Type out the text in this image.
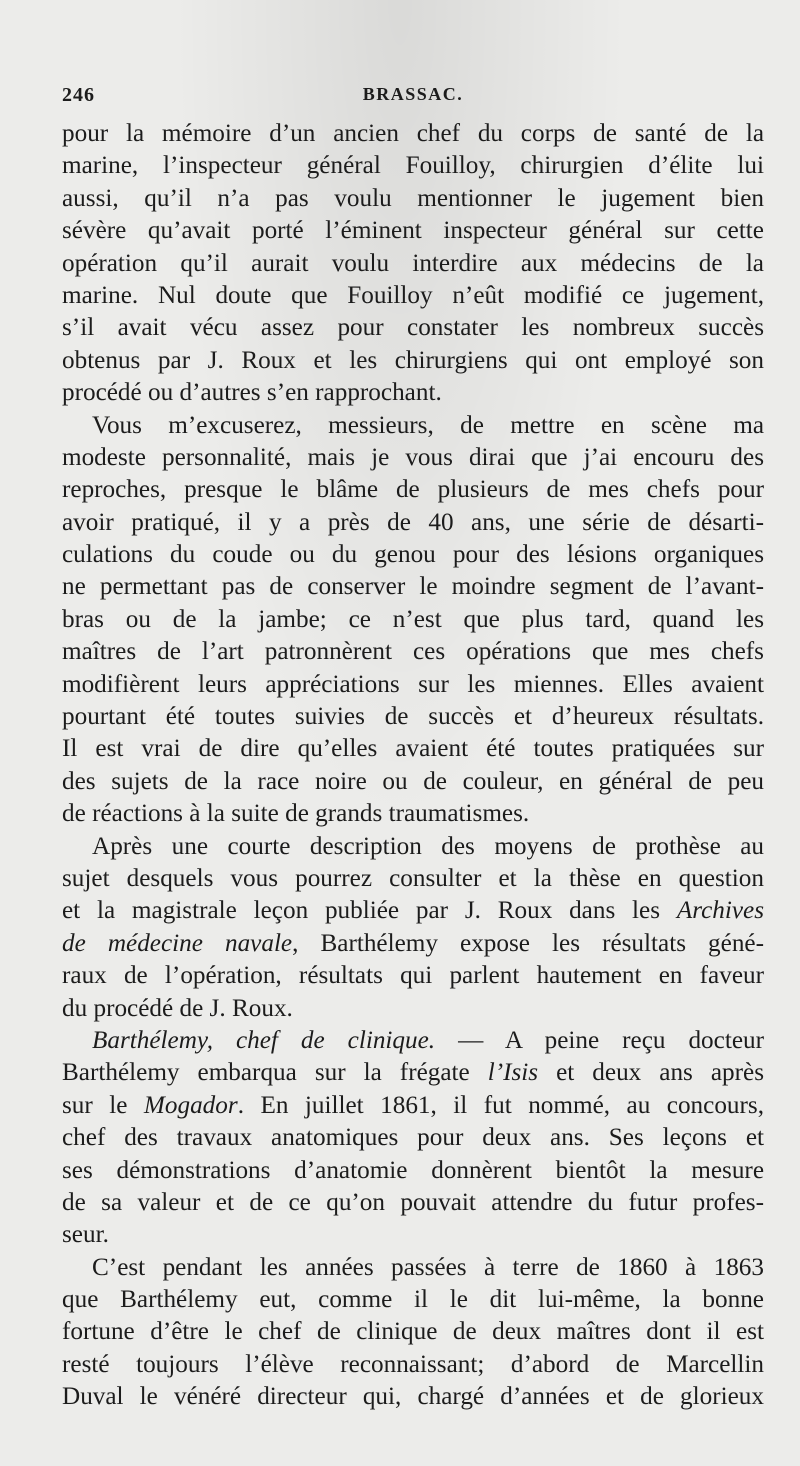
246	BRASSAC.
pour la mémoire d’un ancien chef du corps de santé de la
marine, l’inspecteur général Fouilloy, chirurgien d’élite lui
aussi, qu’il n’a pas voulu mentionner le jugement bien
sévère qu’avait porté l’éminent inspecteur général sur cette
opération qu’il aurait voulu interdire aux médecins de la
marine. Nul doute que Fouilloy n’eût modifié ce jugement,
s’il avait vécu assez pour constater les nombreux succès
obtenus par J. Roux et les chirurgiens qui ont employé son
procédé ou d’autres s’en rapprochant.
Vous m’excuserez, messieurs, de mettre en scène ma
modeste personnalité, mais je vous dirai que j’ai encouru des
reproches, presque le blâme de plusieurs de mes chefs pour
avoir pratiqué, il y a près de 40 ans, une série de désarti-
culations du coude ou du genou pour des lésions organiques
ne permettant pas de conserver le moindre segment de l’avant-
bras ou de la jambe; ce n’est que plus tard, quand les
maîtres de l’art patronnèrent ces opérations que mes chefs
modifièrent leurs appréciations sur les miennes. Elles avaient
pourtant été toutes suivies de succès et d’heureux résultats.
Il est vrai de dire qu’elles avaient été toutes pratiquées sur
des sujets de la race noire ou de couleur, en général de peu
de réactions à la suite de grands traumatismes.
Après une courte description des moyens de prothèse au
sujet desquels vous pourrez consulter et la thèse en question
et la magistrale leçon publiée par J. Roux dans les Archives
de médecine navale, Barthélemy expose les résultats géné-
raux de l’opération, résultats qui parlent hautement en faveur
du procédé de J. Roux.
Barthélemy, chef de clinique. — A peine reçu docteur
Barthélemy embarqua sur la frégate l’Isis et deux ans après
sur le Mogador. En juillet 1861, il fut nommé, au concours,
chef des travaux anatomiques pour deux ans. Ses leçons et
ses démonstrations d’anatomie donnèrent bientôt la mesure
de sa valeur et de ce qu’on pouvait attendre du futur profes-
seur.
C’est pendant les années passées à terre de 1860 à 1863
que Barthélemy eut, comme il le dit lui-même, la bonne
fortune d’être le chef de clinique de deux maîtres dont il est
resté toujours l’élève reconnaissant; d’abord de Marcellin
Duval le vénéré directeur qui, chargé d’années et de glorieux
